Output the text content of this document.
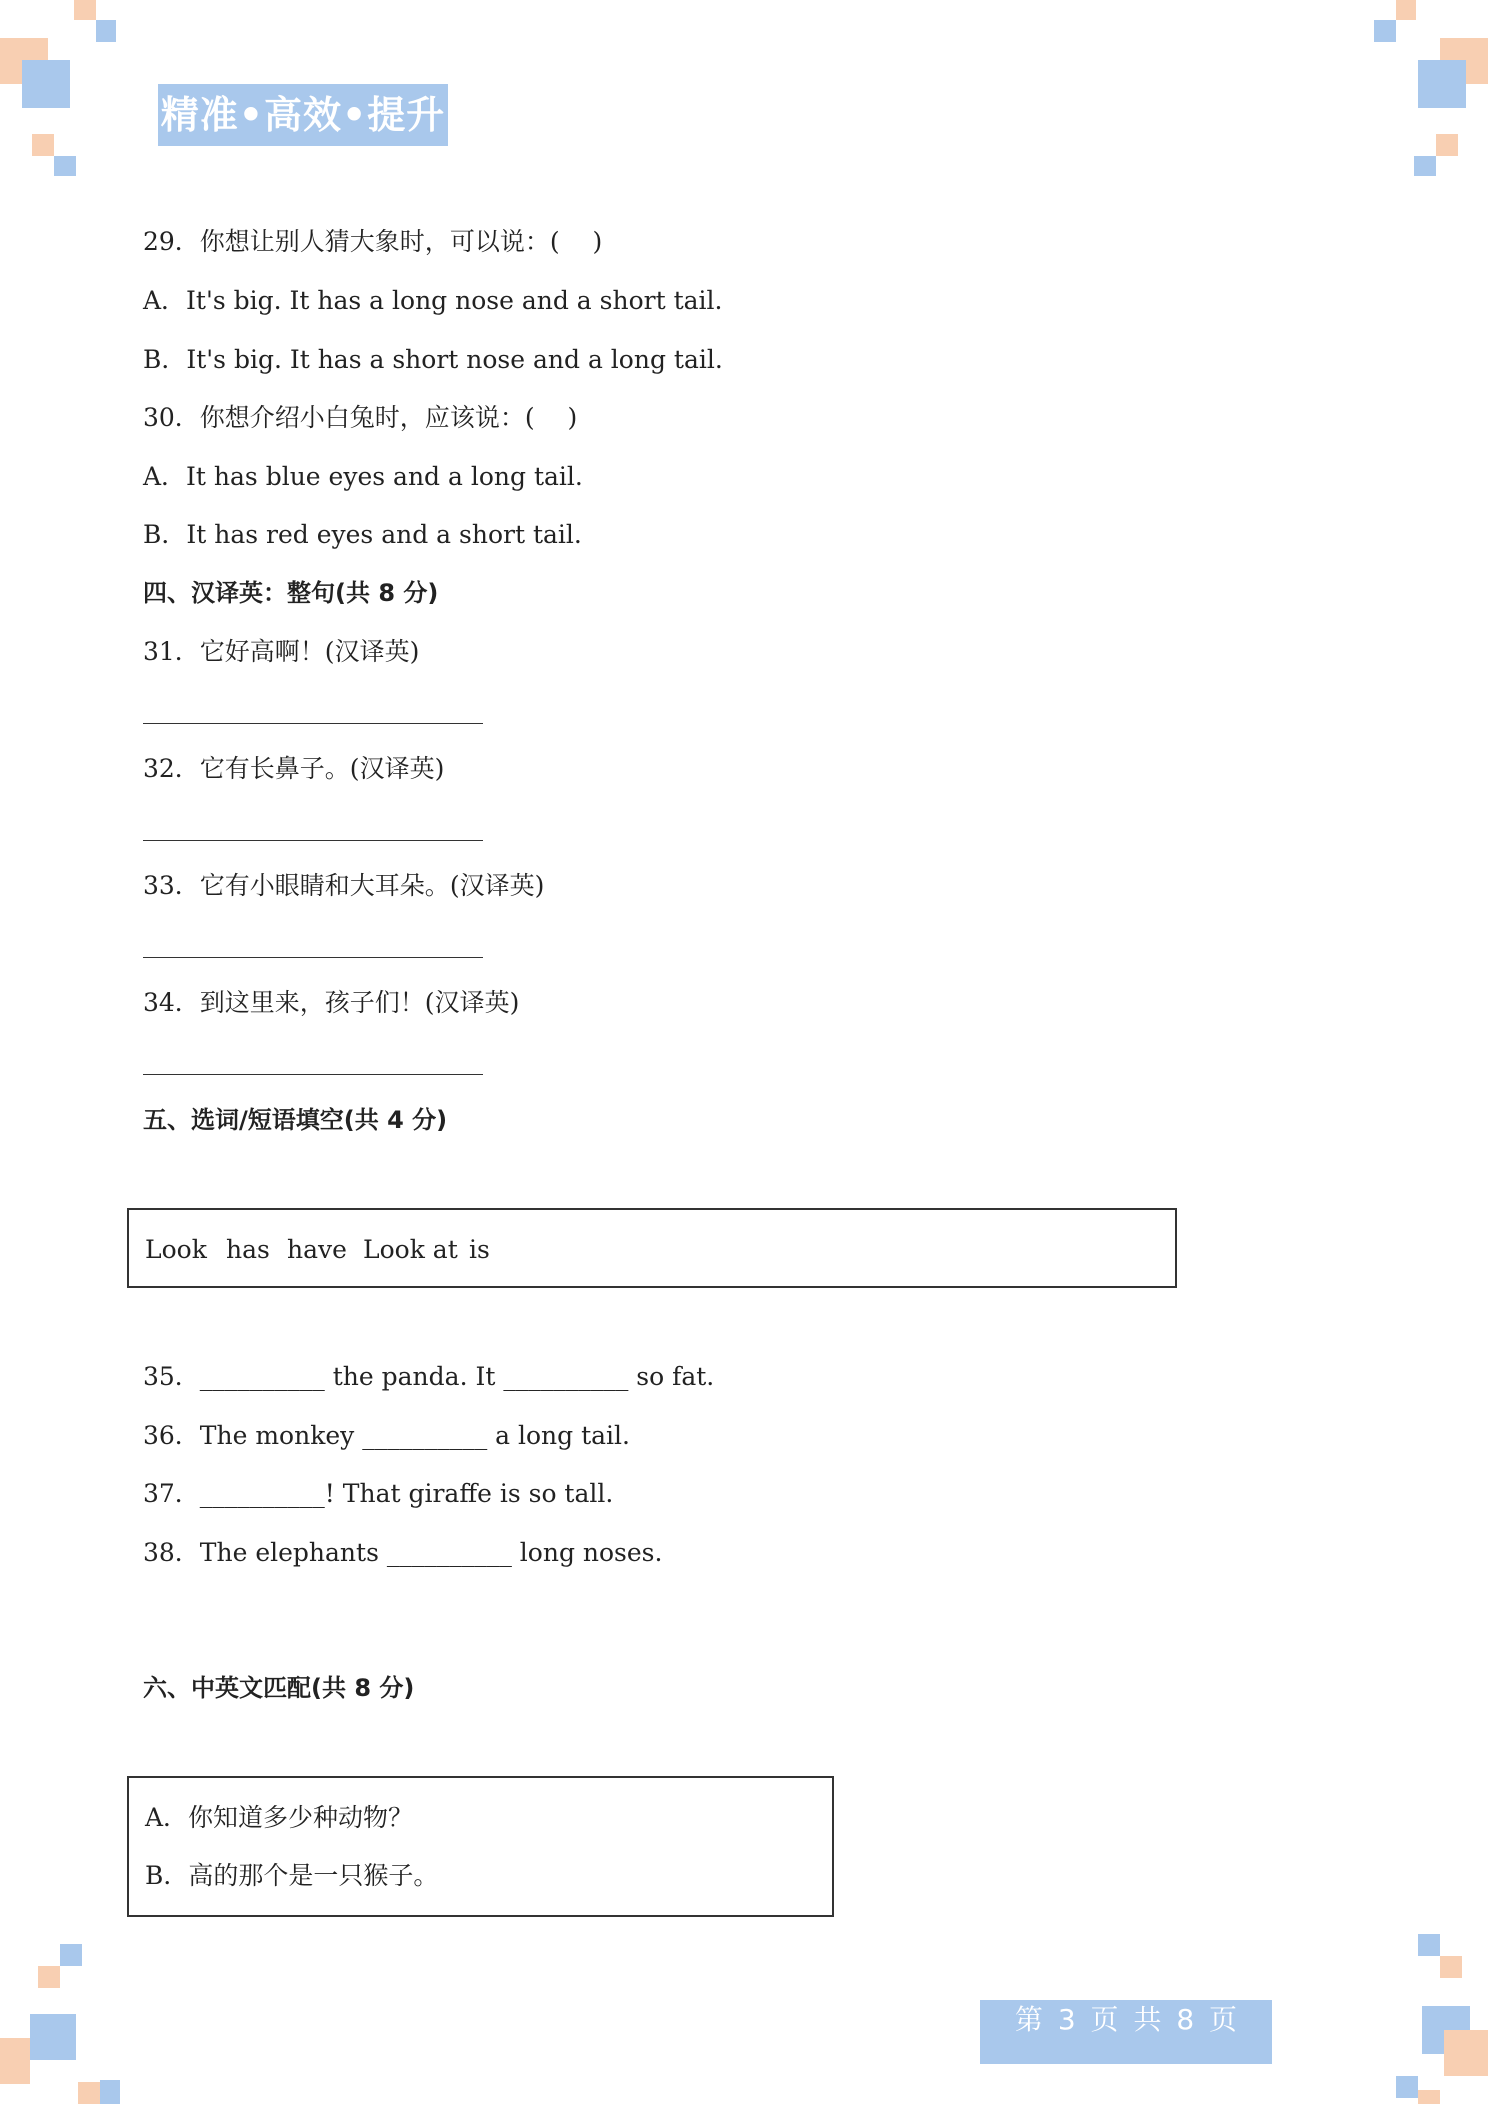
精准•高效•提升
29．你想让别人猜大象时，可以说：(　 )
A．It's big. It has a long nose and a short tail.
B．It's big. It has a short nose and a long tail.
30．你想介绍小白兔时，应该说：(　 )
A．It has blue eyes and a long tail.
B．It has red eyes and a short tail.
四、汉译英：整句(共 8 分)
31．它好高啊！(汉译英)
32．它有长鼻子。(汉译英)
33．它有小眼睛和大耳朵。(汉译英)
34．到这里来，孩子们！(汉译英)
五、选词/短语填空(共 4 分)
Look has have Look at is
35．__________ the panda. It __________ so fat.
36．The monkey __________ a long tail.
37．__________! That giraffe is so tall.
38．The elephants __________ long noses.
六、中英文匹配(共 8 分)
A．你知道多少种动物？
B．高的那个是一只猴子。
第 3 页 共 8 页
